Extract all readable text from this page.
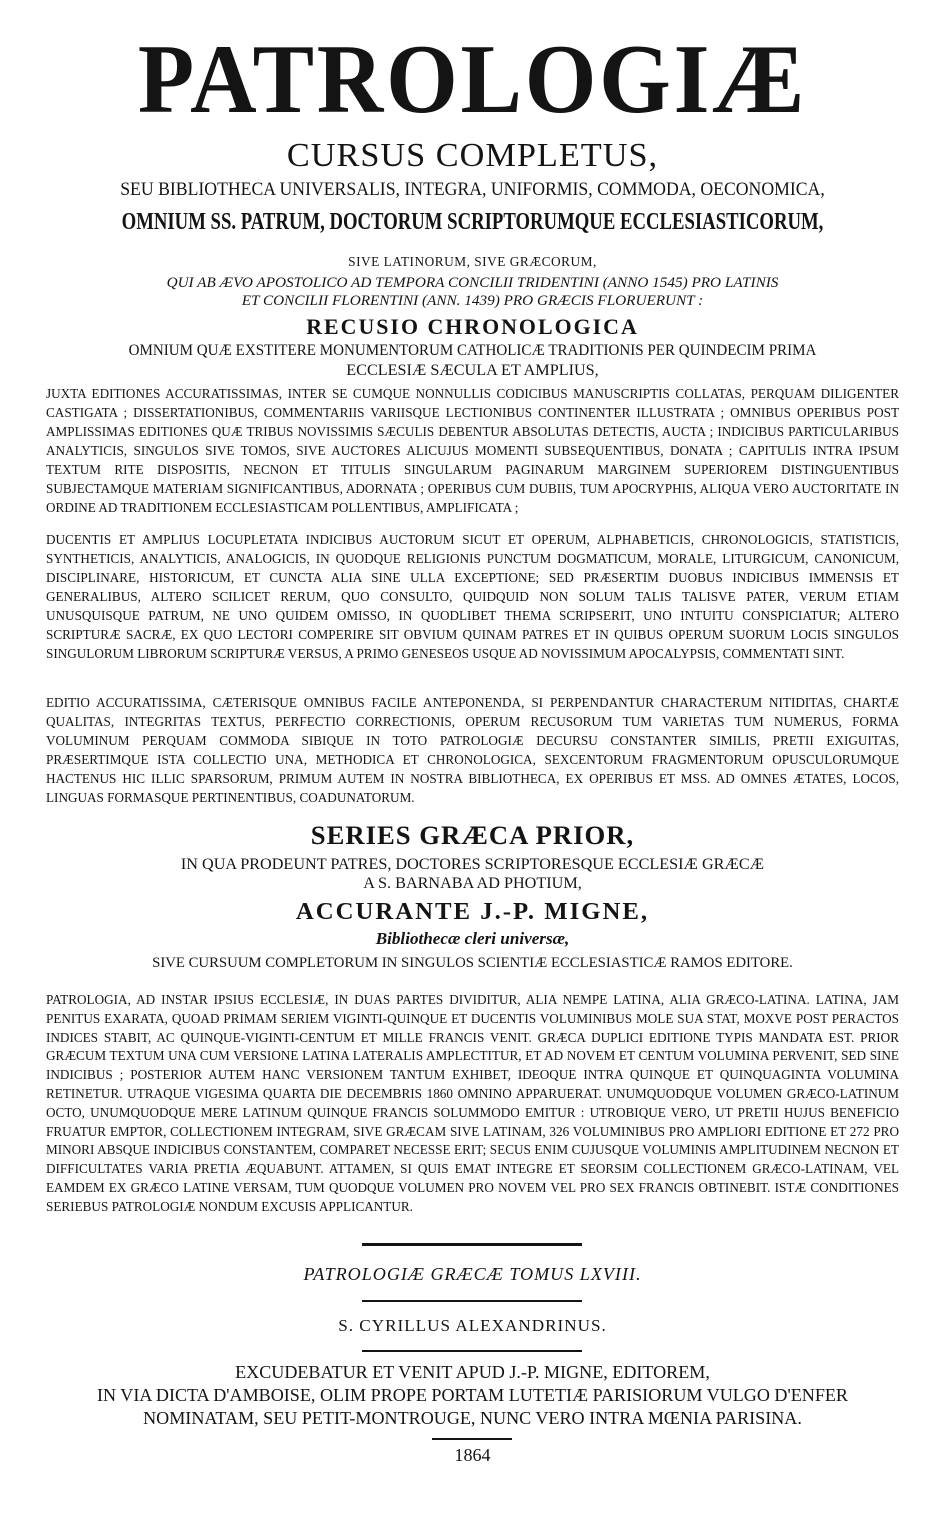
PATROLOGIÆ
CURSUS COMPLETUS,
SEU BIBLIOTHECA UNIVERSALIS, INTEGRA, UNIFORMIS, COMMODA, OECONOMICA,
OMNIUM SS. PATRUM, DOCTORUM SCRIPTORUMQUE ECCLESIASTICORUM,
SIVE LATINORUM, SIVE GRÆCORUM,
QUI AB ÆVO APOSTOLICO AD TEMPORA CONCILII TRIDENTINI (ANNO 1545) PRO LATINIS
ET CONCILII FLORENTINI (ANN. 1439) PRO GRÆCIS FLORUERUNT :
RECUSIO CHRONOLOGICA
OMNIUM QUÆ EXSTITERE MONUMENTORUM CATHOLICÆ TRADITIONIS PER QUINDECIM PRIMA
ECCLESIÆ SÆCULA ET AMPLIUS,
JUXTA EDITIONES ACCURATISSIMAS, INTER SE CUMQUE NONNULLIS CODICIBUS MANUSCRIPTIS COLLATAS, PERQUAM DILIGENTER CASTIGATA ; DISSERTATIONIBUS, COMMENTARIIS VARIISQUE LECTIONIBUS CONTINENTER ILLUSTRATA ; OMNIBUS OPERIBUS POST AMPLISSIMAS EDITIONES QUÆ TRIBUS NOVISSIMIS SÆCULIS DEBENTUR ABSOLUTAS DETECTIS, AUCTA ; INDICIBUS PARTICULARIBUS ANALYTICIS, SINGULOS SIVE TOMOS, SIVE AUCTORES ALICUJUS MOMENTI SUBSEQUENTIBUS, DONATA ; CAPITULIS INTRA IPSUM TEXTUM RITE DISPOSITIS, NECNON ET TITULIS SINGULARUM PAGINARUM MARGINEM SUPERIOREM DISTINGUENTIBUS SUBJECTAMQUE MATERIAM SIGNIFICANTIBUS, ADORNATA ; OPERIBUS CUM DUBIIS, TUM APOCRYPHIS, ALIQUA VERO AUCTORITATE IN ORDINE AD TRADITIONEM ECCLESIASTICAM POLLENTIBUS, AMPLIFICATA ;
DUCENTIS ET AMPLIUS LOCUPLETATA INDICIBUS AUCTORUM SICUT ET OPERUM, ALPHABETICIS, CHRONOLOGICIS, STATISTICIS, SYNTHETICIS, ANALYTICIS, ANALOGICIS, IN QUODQUE RELIGIONIS PUNCTUM DOGMATICUM, MORALE, LITURGICUM, CANONICUM, DISCIPLINARE, HISTORICUM, ET CUNCTA ALIA SINE ULLA EXCEPTIONE; SED PRÆSERTIM DUOBUS INDICIBUS IMMENSIS ET GENERALIBUS, ALTERO SCILICET RERUM, QUO CONSULTO, QUIDQUID NON SOLUM TALIS TALISVE PATER, VERUM ETIAM UNUSQUISQUE PATRUM, NE UNO QUIDEM OMISSO, IN QUODLIBET THEMA SCRIPSERIT, UNO INTUITU CONSPICIATUR; ALTERO SCRIPTURÆ SACRÆ, EX QUO LECTORI COMPERIRE SIT OBVIUM QUINAM PATRES ET IN QUIBUS OPERUM SUORUM LOCIS SINGULOS SINGULORUM LIBRORUM SCRIPTURÆ VERSUS, A PRIMO GENESEOS USQUE AD NOVISSIMUM APOCALYPSIS, COMMENTATI SINT.
EDITIO ACCURATISSIMA, CÆTERISQUE OMNIBUS FACILE ANTEPONENDA, SI PERPENDANTUR CHARACTERUM NITIDITAS, CHARTÆ QUALITAS, INTEGRITAS TEXTUS, PERFECTIO CORRECTIONIS, OPERUM RECUSORUM TUM VARIETAS TUM NUMERUS, FORMA VOLUMINUM PERQUAM COMMODA SIBIQUE IN TOTO PATROLOGIÆ DECURSU CONSTANTER SIMILIS, PRETII EXIGUITAS, PRÆSERTIMQUE ISTA COLLECTIO UNA, METHODICA ET CHRONOLOGICA, SEXCENTORUM FRAGMENTORUM OPUSCULORUMQUE HACTENUS HIC ILLIC SPARSORUM, PRIMUM AUTEM IN NOSTRA BIBLIOTHECA, EX OPERIBUS ET MSS. AD OMNES ÆTATES, LOCOS, LINGUAS FORMASQUE PERTINENTIBUS, COADUNATORUM.
SERIES GRÆCA PRIOR,
IN QUA PRODEUNT PATRES, DOCTORES SCRIPTORESQUE ECCLESIÆ GRÆCÆ
A S. BARNABA AD PHOTIUM,
ACCURANTE J.-P. MIGNE,
Bibliothecæ cleri universæ,
SIVE CURSUUM COMPLETORUM IN SINGULOS SCIENTIÆ ECCLESIASTICÆ RAMOS EDITORE.
PATROLOGIA, AD INSTAR IPSIUS ECCLESIÆ, IN DUAS PARTES DIVIDITUR, ALIA NEMPE LATINA, ALIA GRÆCO-LATINA. LATINA, JAM PENITUS EXARATA, QUOAD PRIMAM SERIEM VIGINTI-QUINQUE ET DUCENTIS VOLUMINIBUS MOLE SUA STAT, MOXVE POST PERACTOS INDICES STABIT, AC QUINQUE-VIGINTI-CENTUM ET MILLE FRANCIS VENIT. GRÆCA DUPLICI EDITIONE TYPIS MANDATA EST. PRIOR GRÆCUM TEXTUM UNA CUM VERSIONE LATINA LATERALIS AMPLECTITUR, ET AD NOVEM ET CENTUM VOLUMINA PERVENIT, SED SINE INDICIBUS ; POSTERIOR AUTEM HANC VERSIONEM TANTUM EXHIBET, IDEOQUE INTRA QUINQUE ET QUINQUAGINTA VOLUMINA RETINETUR. UTRAQUE VIGESIMA QUARTA DIE DECEMBRIS 1860 OMNINO APPARUERAT. UNUMQUODQUE VOLUMEN GRÆCO-LATINUM OCTO, UNUMQUODQUE MERE LATINUM QUINQUE FRANCIS SOLUMMODO EMITUR : UTROBIQUE VERO, UT PRETII HUJUS BENEFICIO FRUATUR EMPTOR, COLLECTIONEM INTEGRAM, SIVE GRÆCAM SIVE LATINAM, 326 VOLUMINIBUS PRO AMPLIORI EDITIONE ET 272 PRO MINORI ABSQUE INDICIBUS CONSTANTEM, COMPARET NECESSE ERIT; SECUS ENIM CUJUSQUE VOLUMINIS AMPLITUDINEM NECNON ET DIFFICULTATES VARIA PRETIA ÆQUABUNT. ATTAMEN, SI QUIS EMAT INTEGRE ET SEORSIM COLLECTIONEM GRÆCO-LATINAM, VEL EAMDEM EX GRÆCO LATINE VERSAM, TUM QUODQUE VOLUMEN PRO NOVEM VEL PRO SEX FRANCIS OBTINEBIT. ISTÆ CONDITIONES SERIEBUS PATROLOGIÆ NONDUM EXCUSIS APPLICANTUR.
PATROLOGIÆ GRÆCÆ TOMUS LXVIII.
S. CYRILLUS ALEXANDRINUS.
EXCUDEBATUR ET VENIT APUD J.-P. MIGNE, EDITOREM,
IN VIA DICTA D'AMBOISE, OLIM PROPE PORTAM LUTETIÆ PARISIORUM VULGO D'ENFER
NOMINATAM, SEU PETIT-MONTROUGE, NUNC VERO INTRA MŒNIA PARISINA.
1864
